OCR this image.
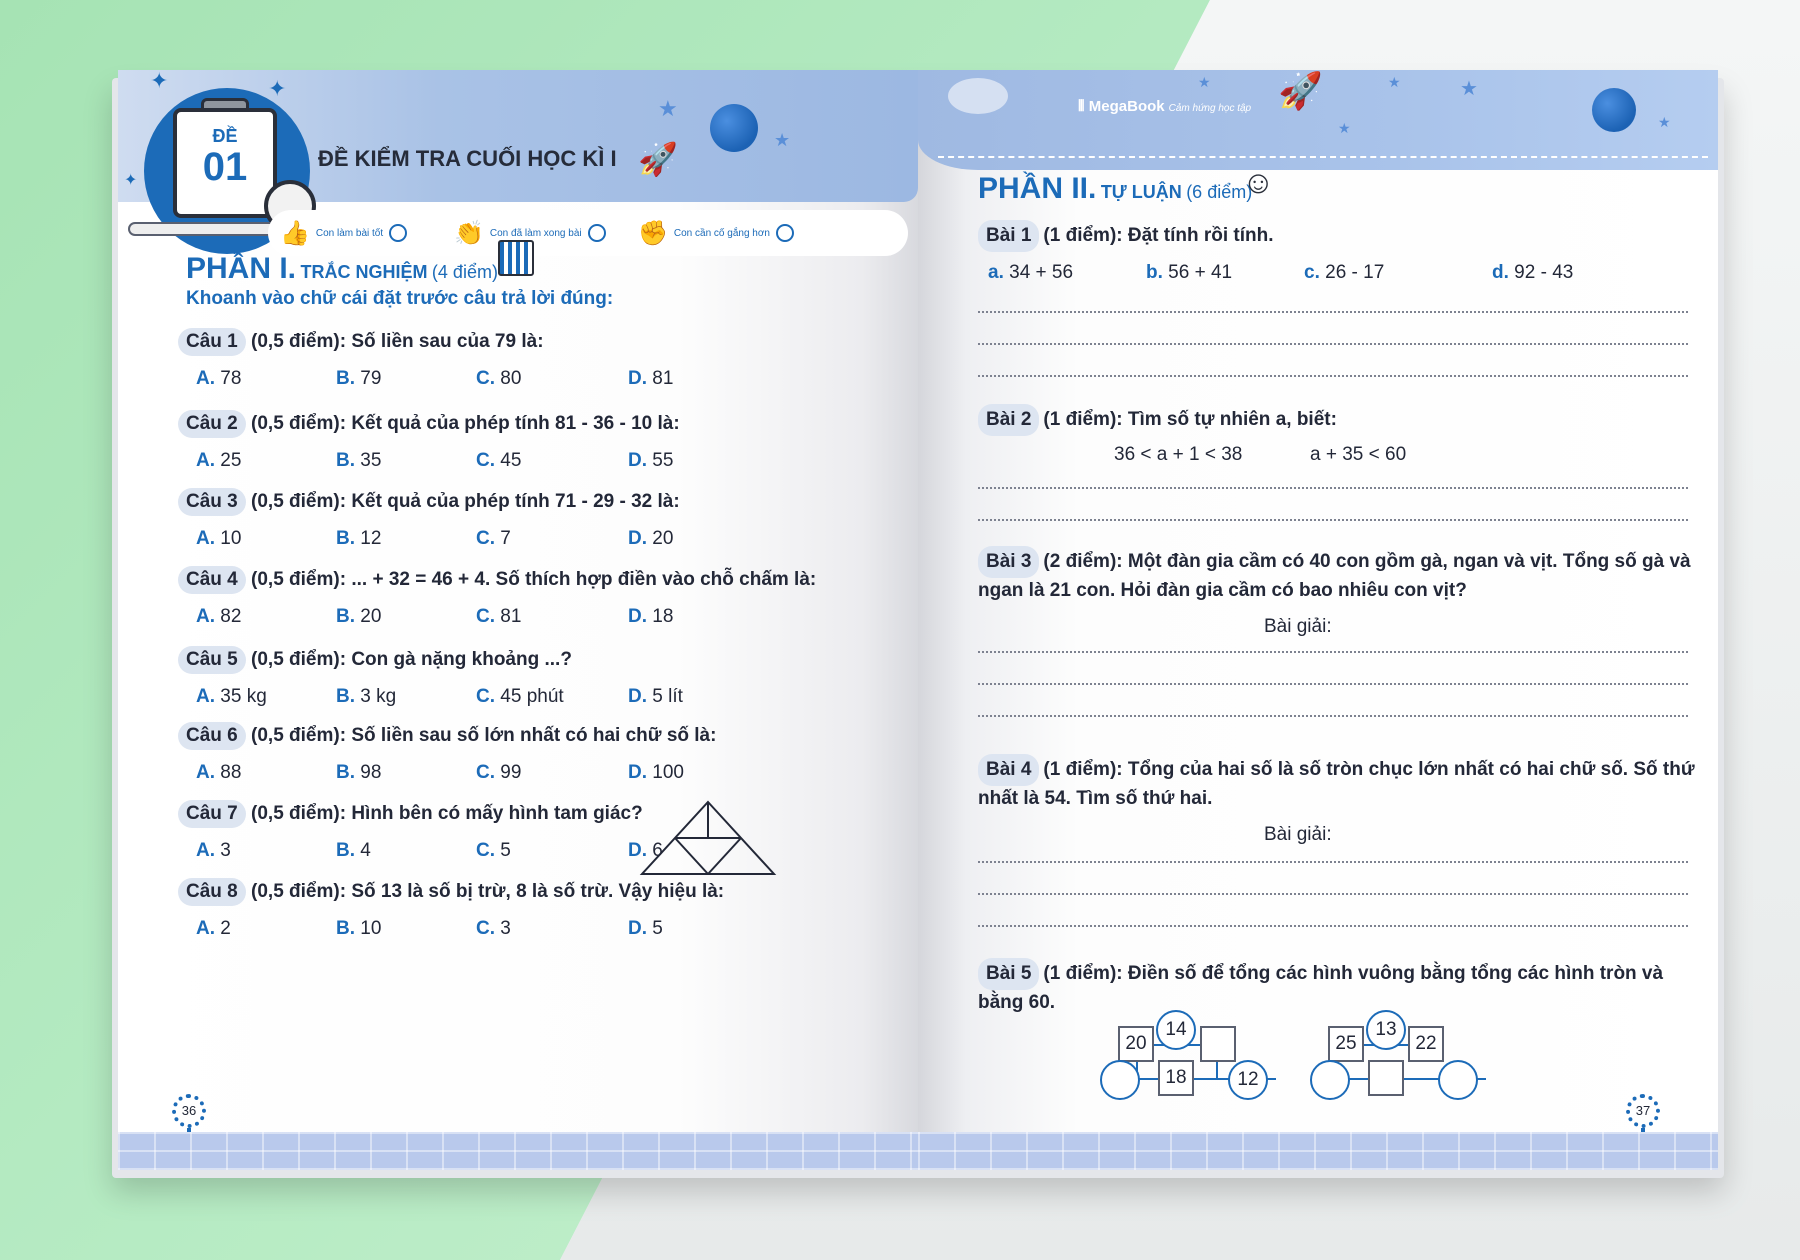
ĐỀ
01
✦	✦
✦
★
🚀
★
ĐỀ KIỂM TRA CUỐI HỌC KÌ I
👍 Con làm bài tốt	👏 Con đã làm xong bài ✊ Con cần cố gắng hơn
PHẦN I. TRẮC NGHIỆM (4 điểm)
Khoanh vào chữ cái đặt trước câu trả lời đúng:
Câu 1 (0,5 điểm): Số liền sau của 79 là:
A. 78	B. 79	C. 80	D. 81
Câu 2 (0,5 điểm): Kết quả của phép tính 81 - 36 - 10 là:
A. 25	B. 35	C. 45	D. 55
Câu 3 (0,5 điểm): Kết quả của phép tính 71 - 29 - 32 là:
A. 10	B. 12	C. 7	D. 20
Câu 4 (0,5 điểm): ... + 32 = 46 + 4. Số thích hợp điền vào chỗ chấm là:
A. 82	B. 20	C. 81	D. 18
Câu 5 (0,5 điểm): Con gà nặng khoảng ...?
A. 35 kg	B. 3 kg	C. 45 phút	D. 5 lít
Câu 6 (0,5 điểm): Số liền sau số lớn nhất có hai chữ số là:
A. 88	B. 98	C. 99	D. 100
Câu 7 (0,5 điểm): Hình bên có mấy hình tam giác?
A. 3	B. 4	C. 5	D. 6
Câu 8 (0,5 điểm): Số 13 là số bị trừ, 8 là số trừ. Vậy hiệu là:
A. 2	B. 10	C. 3	D. 5
36
⦀ MegaBook Cảm hứng học tập 🚀
★
★
★	★
★
PHẦN II. TỰ LUẬN (6 điểm)
☺
Bài 1 (1 điểm): Đặt tính rồi tính.
a. 34 + 56	b. 56 + 41	c. 26 - 17	d. 92 - 43
Bài 2 (1 điểm): Tìm số tự nhiên a, biết:
36 < a + 1 < 38	a + 35 < 60
Bài 3 (2 điểm): Một đàn gia cầm có 40 con gồm gà, ngan và vịt. Tổng số gà và ngan là 21 con. Hỏi đàn gia cầm có bao nhiêu con vịt?
Bài giải:
Bài 4 (1 điểm): Tổng của hai số là số tròn chục lớn nhất có hai chữ số. Số thứ nhất là 54. Tìm số thứ hai.
Bài giải:
Bài 5 (1 điểm): Điền số để tổng các hình vuông bằng tổng các hình tròn và bằng 60.
14
20
18	12
13
25	22
37
